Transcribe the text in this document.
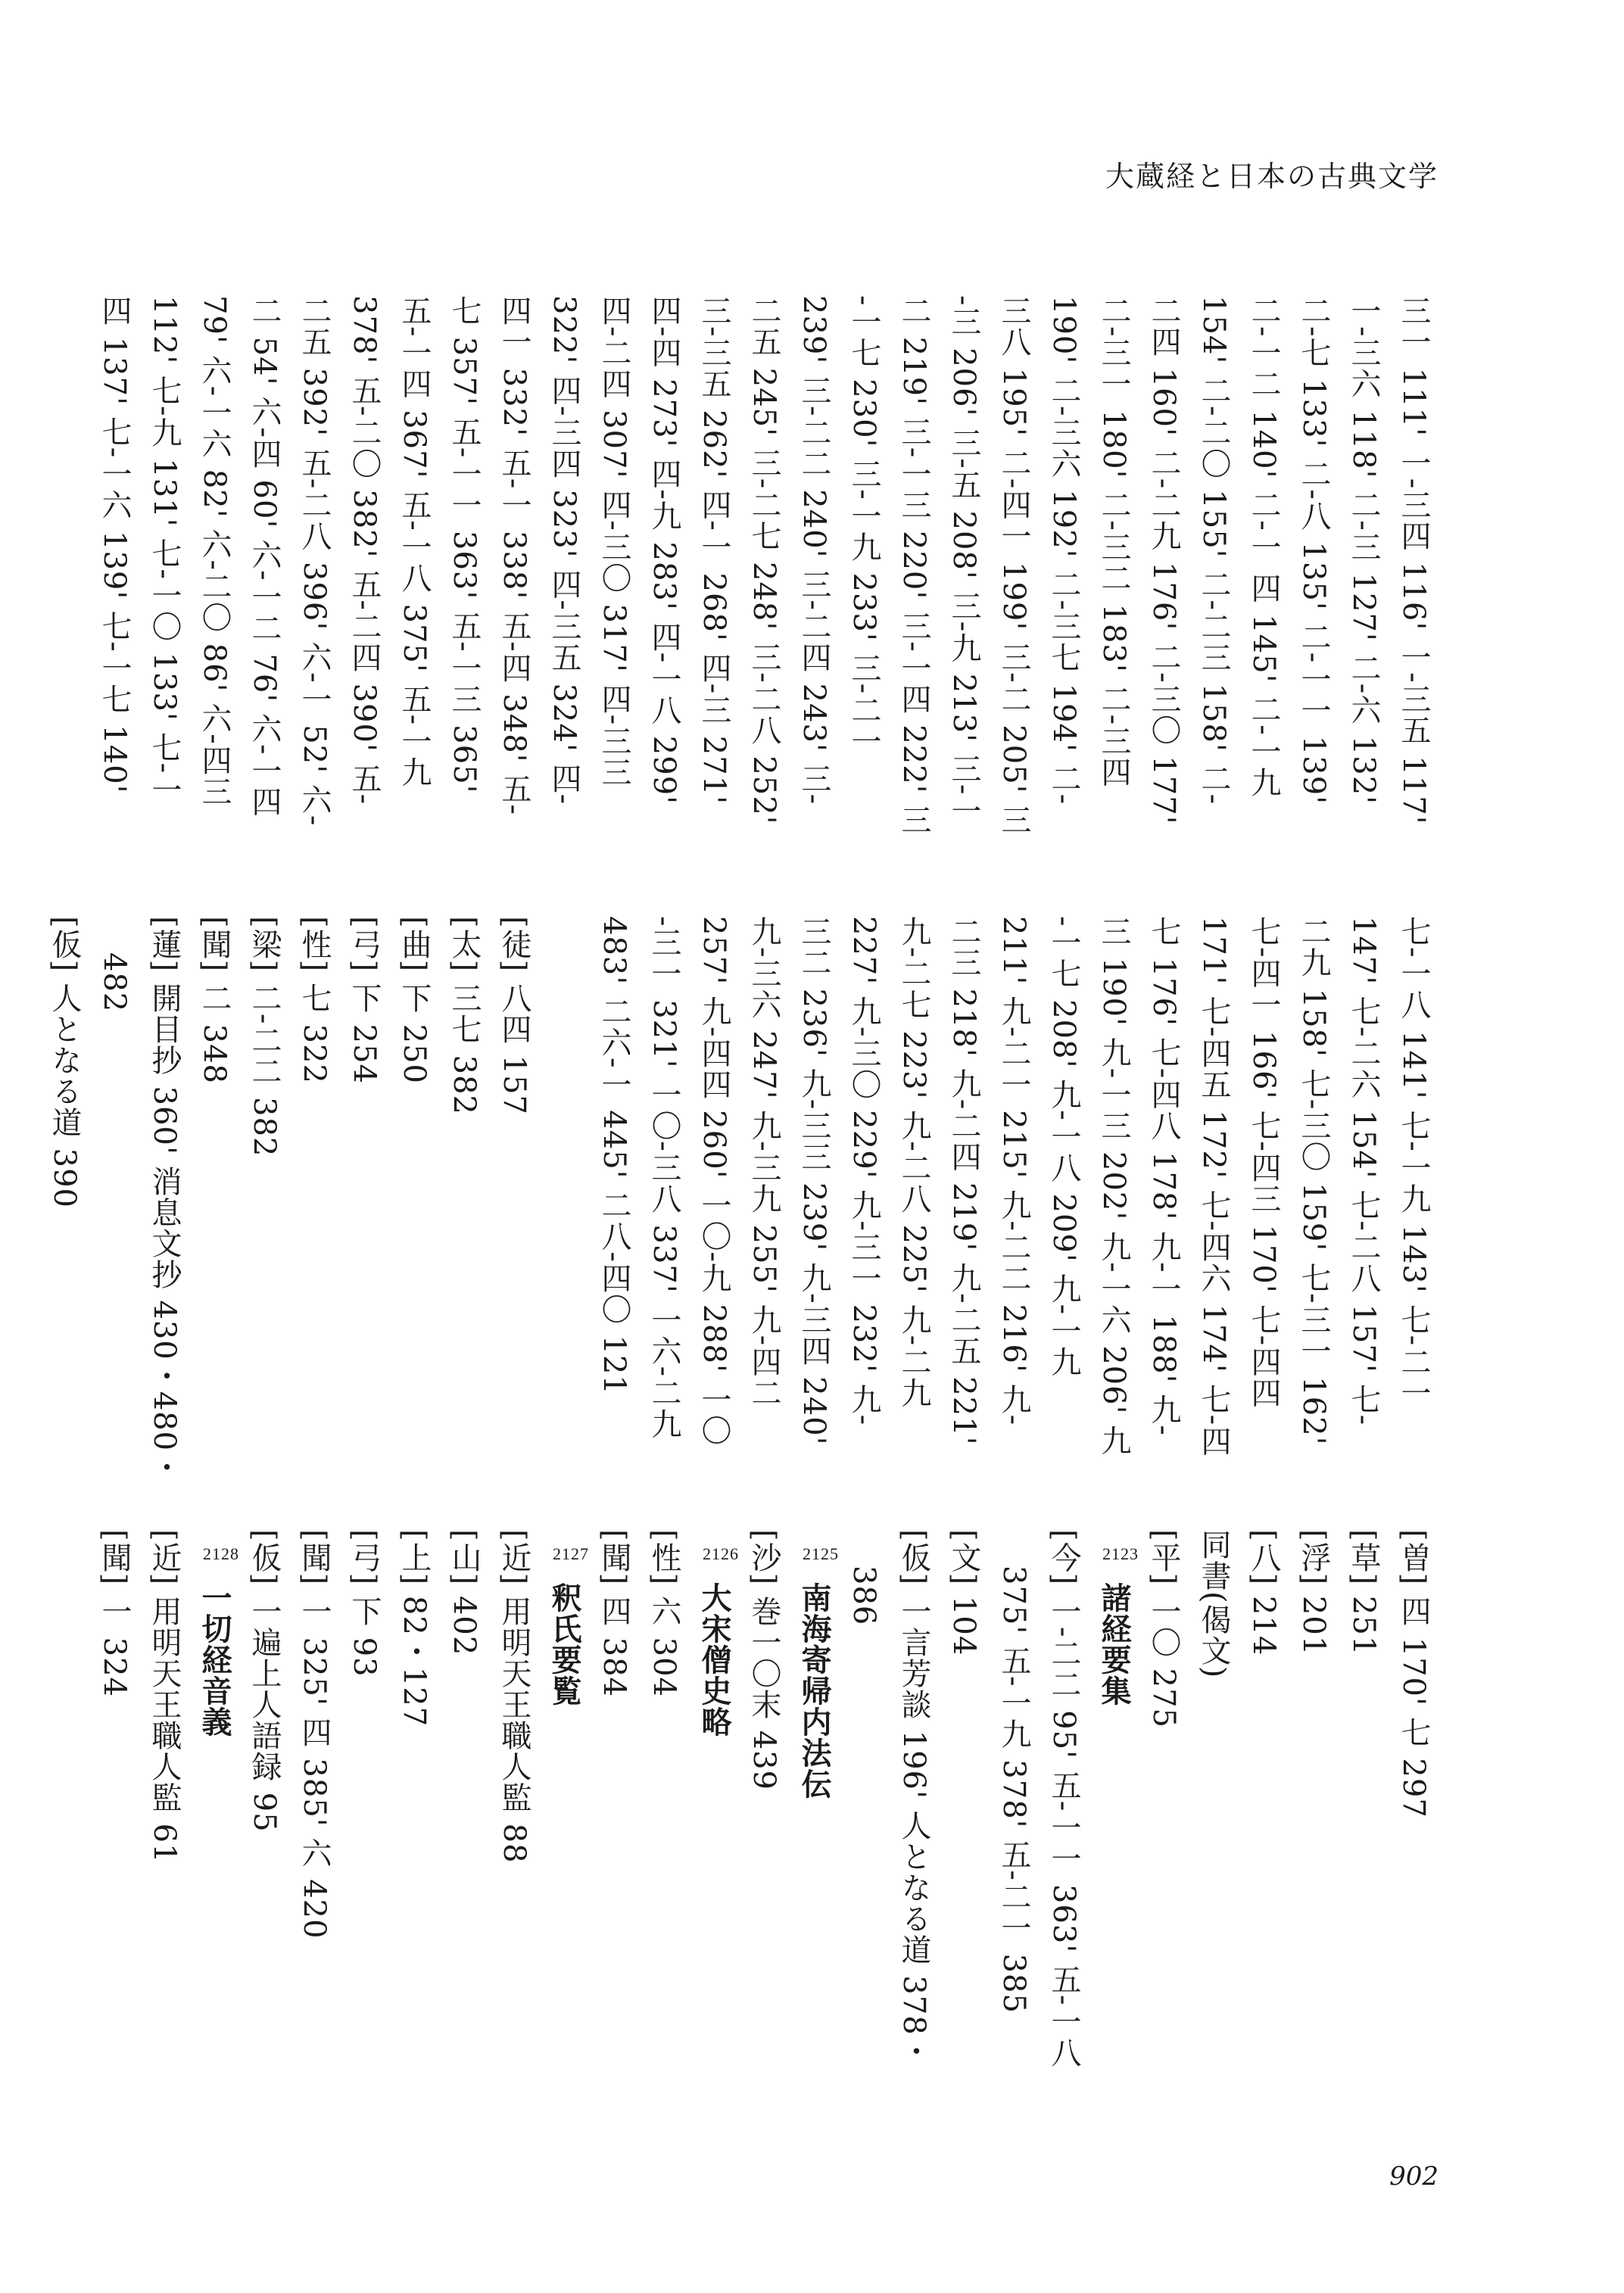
大蔵経と日本の古典文学
三一 111' 一-三四 116' 一-三五 117'
一-三六 118' 二-三 127' 二-六 132'
二-七 133' 二-八 135' 二-一一 139'
二-一二 140' 二-一 四 145' 二-一九
154' 二-二〇 155' 二-二三 158' 二-
二四 160' 二-二九 176' 二-三〇 177'
二-三一 180' 二-三二 183' 二-三四
190' 二-三六 192' 二-三七 194' 二-
三八 195' 二-四一 199' 三-二 205' 三
-三 206' 三-五 208' 三-九 213' 三-一
二 219' 三-一三 220' 三-一四 222' 三
-一七 230' 三-一九 233' 三-二一
239' 三-二二 240' 三-二四 243' 三-
二五 245' 三-二七 248' 三-二八 252'
三-三五 262' 四-一 268' 四-三 271'
四-四 273' 四-九 283' 四-一八 299'
四-二四 307' 四-三〇 317' 四-三三
322' 四-三四 323' 四-三五 324' 四-
四一 332' 五-一 338' 五-四 348' 五-
七 357' 五-一一 363' 五-一三 365'
五-一四 367' 五-一八 375' 五-一九
378' 五-二〇 382' 五-二四 390' 五-
二五 392' 五-二八 396' 六-一 52' 六-
二 54' 六-四 60' 六-一二 76' 六-一四
79' 六-一六 82' 六-二〇 86' 六-四三
112' 七-九 131' 七-一〇 133' 七-一
四 137' 七-一六 139' 七-一七 140'
七-一八 141' 七-一九 143' 七-二一
147' 七-二六 154' 七-二八 157' 七-
二九 158' 七-三〇 159' 七-三一 162'
七-四一 166' 七-四三 170' 七-四四
171' 七-四五 172' 七-四六 174' 七-四
七 176' 七-四八 178' 九-一 188' 九-
三 190' 九-一三 202' 九-一六 206' 九
-一七 208' 九-一八 209' 九-一九
211' 九-二一 215' 九-二二 216' 九-
二三 218' 九-二四 219' 九-二五 221'
九-二七 223' 九-二八 225' 九-二九
227' 九-三〇 229' 九-三一 232' 九-
三二 236' 九-三三 239' 九-三四 240'
九-三六 247' 九-三九 255' 九-四二
257' 九-四四 260' 一〇-九 288' 一〇
-三一 321' 一〇-三八 337' 一六-二九
483' 二六-一 445' 二八-四〇 121

[徒] 八四 157
[太] 三七 382
[曲] 下 250
[弓] 下 254
[性] 七 322
[梁] 二-二二 382
[聞] 二 348
[蓮] 開目抄 360' 消息文抄 430・480・
482
[仮] 人となる道 390
[曽] 四 170' 七 297
[草] 251
[浮] 201
[八] 214
同書(偈文)
[平] 一〇 275
2123諸経要集
[今] 一-二二 95' 五-一一 363' 五-一八
375' 五-一九 378' 五-二一 385
[文] 104
[仮] 一言芳談 196' 人となる道 378・
386
2125南海寄帰内法伝
[沙] 巻一〇末 439
2126大宋僧史略
[性] 六 304
[聞] 四 384
2127釈氏要覧
[近] 用明天王職人監 88
[山] 402
[上] 82・127
[弓] 下 93
[聞] 一 325' 四 385' 六 420
[仮] 一遍上人語録 95
2128一切経音義
[近] 用明天王職人監 61
[聞] 一 324
902
